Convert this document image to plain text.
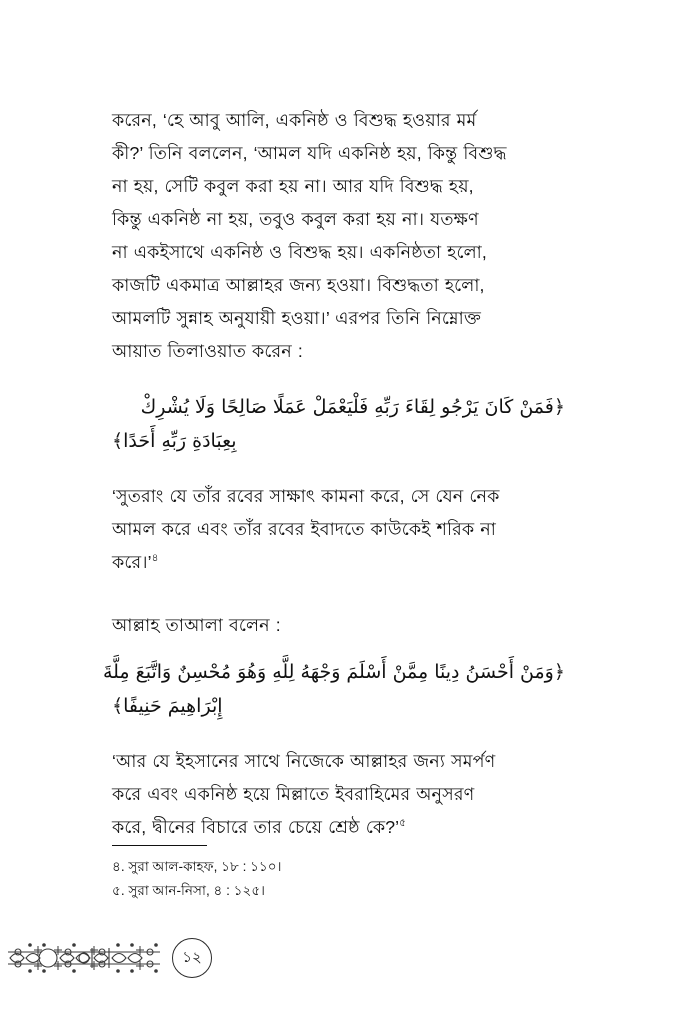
করেন, ‘হে আবু আলি, একনিষ্ঠ ও বিশুদ্ধ হওয়ার মর্ম
কী?’ তিনি বললেন, ‘আমল যদি একনিষ্ঠ হয়, কিন্তু বিশুদ্ধ
না হয়, সেটি কবুল করা হয় না। আর যদি বিশুদ্ধ হয়,
কিন্তু একনিষ্ঠ না হয়, তবুও কবুল করা হয় না। যতক্ষণ
না একইসাথে একনিষ্ঠ ও বিশুদ্ধ হয়। একনিষ্ঠতা হলো,
কাজটি একমাত্র আল্লাহর জন্য হওয়া। বিশুদ্ধতা হলো,
আমলটি সুন্নাহ অনুযায়ী হওয়া।’ এরপর তিনি নিম্নোক্ত
আয়াত তিলাওয়াত করেন :
﴿فَمَنْ كَانَ يَرْجُو لِقَاءَ رَبِّهِ فَلْيَعْمَلْ عَمَلًا صَالِحًا وَلَا يُشْرِكْ
بِعِبَادَةِ رَبِّهِ أَحَدًا﴾
‘সুতরাং যে তাঁর রবের সাক্ষাৎ কামনা করে, সে যেন নেক
আমল করে এবং তাঁর রবের ইবাদতে কাউকেই শরিক না
করে।’$^৪$
আল্লাহ তাআলা বলেন :
﴿وَمَنْ أَحْسَنُ دِينًا مِمَّنْ أَسْلَمَ وَجْهَهُ لِلَّهِ وَهُوَ مُحْسِنٌ وَاتَّبَعَ مِلَّةَ
إِبْرَاهِيمَ حَنِيفًا﴾
‘আর যে ইহসানের সাথে নিজেকে আল্লাহর জন্য সমর্পণ
করে এবং একনিষ্ঠ হয়ে মিল্লাতে ইবরাহিমের অনুসরণ
করে, দ্বীনের বিচারে তার চেয়ে শ্রেষ্ঠ কে?’$^৫$
৪. সুরা আল-কাহফ, ১৮ : ১১০।
৫. সুরা আন-নিসা, ৪ : ১২৫।
১২
